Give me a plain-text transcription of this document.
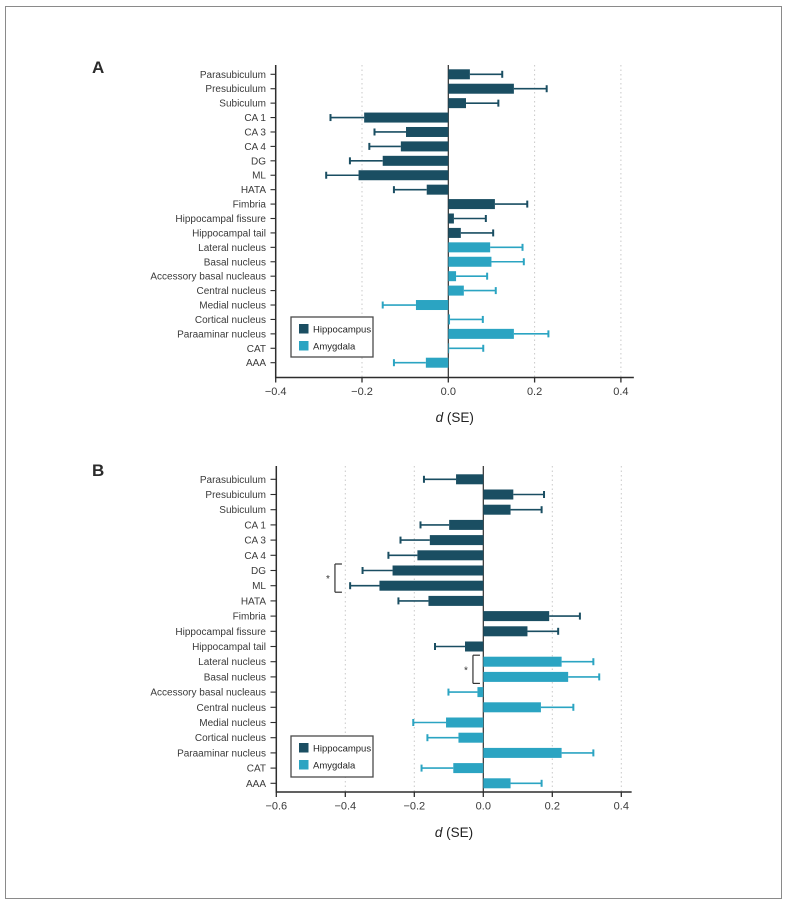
A
B
−0.4	−0.2	0.0	0.2	0.4
d (SE)
Parasubiculum
Presubiculum
Subiculum
CA 1
CA 3
CA 4
DG
ML
HATA
Fimbria
Hippocampal fissure
Hippocampal tail
Lateral nucleus
Basal nucleus
Accessory basal nucleaus
Central nucleus
Medial nucleus
Cortical nucleus
Paraaminar nucleus
CAT
AAA
Hippocampus
Amygdala
−0.6	−0.4	−0.2	0.0	0.2	0.4
d (SE)
Parasubiculum
Presubiculum
Subiculum
CA 1
CA 3
CA 4
DG
ML
HATA
Fimbria
Hippocampal fissure
Hippocampal tail
Lateral nucleus
Basal nucleus
Accessory basal nucleaus
Central nucleus
Medial nucleus
Cortical nucleus
Paraaminar nucleus
CAT
AAA
*
*
Hippocampus
Amygdala
